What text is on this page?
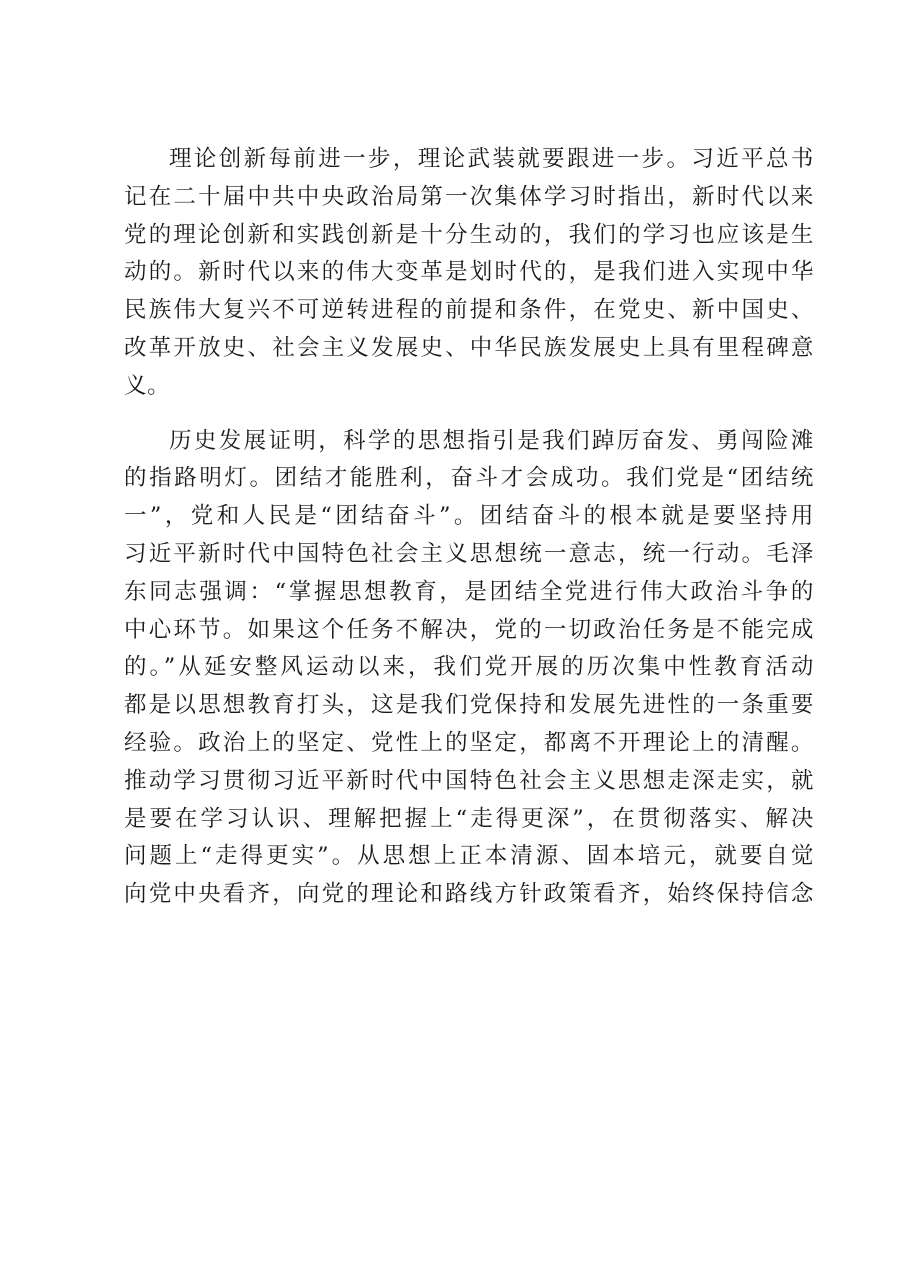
理论创新每前进一步，理论武装就要跟进一步。习近平总书
记在二十届中共中央政治局第一次集体学习时指出，新时代以来
党的理论创新和实践创新是十分生动的，我们的学习也应该是生
动的。新时代以来的伟大变革是划时代的，是我们进入实现中华
民族伟大复兴不可逆转进程的前提和条件，在党史、新中国史、
改革开放史、社会主义发展史、中华民族发展史上具有里程碑意
义。
历史发展证明，科学的思想指引是我们踔厉奋发、勇闯险滩
的指路明灯。团结才能胜利，奋斗才会成功。我们党是“团结统
一”，党和人民是“团结奋斗”。团结奋斗的根本就是要坚持用
习近平新时代中国特色社会主义思想统一意志，统一行动。毛泽
东同志强调：“掌握思想教育，是团结全党进行伟大政治斗争的
中心环节。如果这个任务不解决，党的一切政治任务是不能完成
的。”从延安整风运动以来，我们党开展的历次集中性教育活动
都是以思想教育打头，这是我们党保持和发展先进性的一条重要
经验。政治上的坚定、党性上的坚定，都离不开理论上的清醒。
推动学习贯彻习近平新时代中国特色社会主义思想走深走实，就
是要在学习认识、理解把握上“走得更深”，在贯彻落实、解决
问题上“走得更实”。从思想上正本清源、固本培元，就要自觉
向党中央看齐，向党的理论和路线方针政策看齐，始终保持信念
